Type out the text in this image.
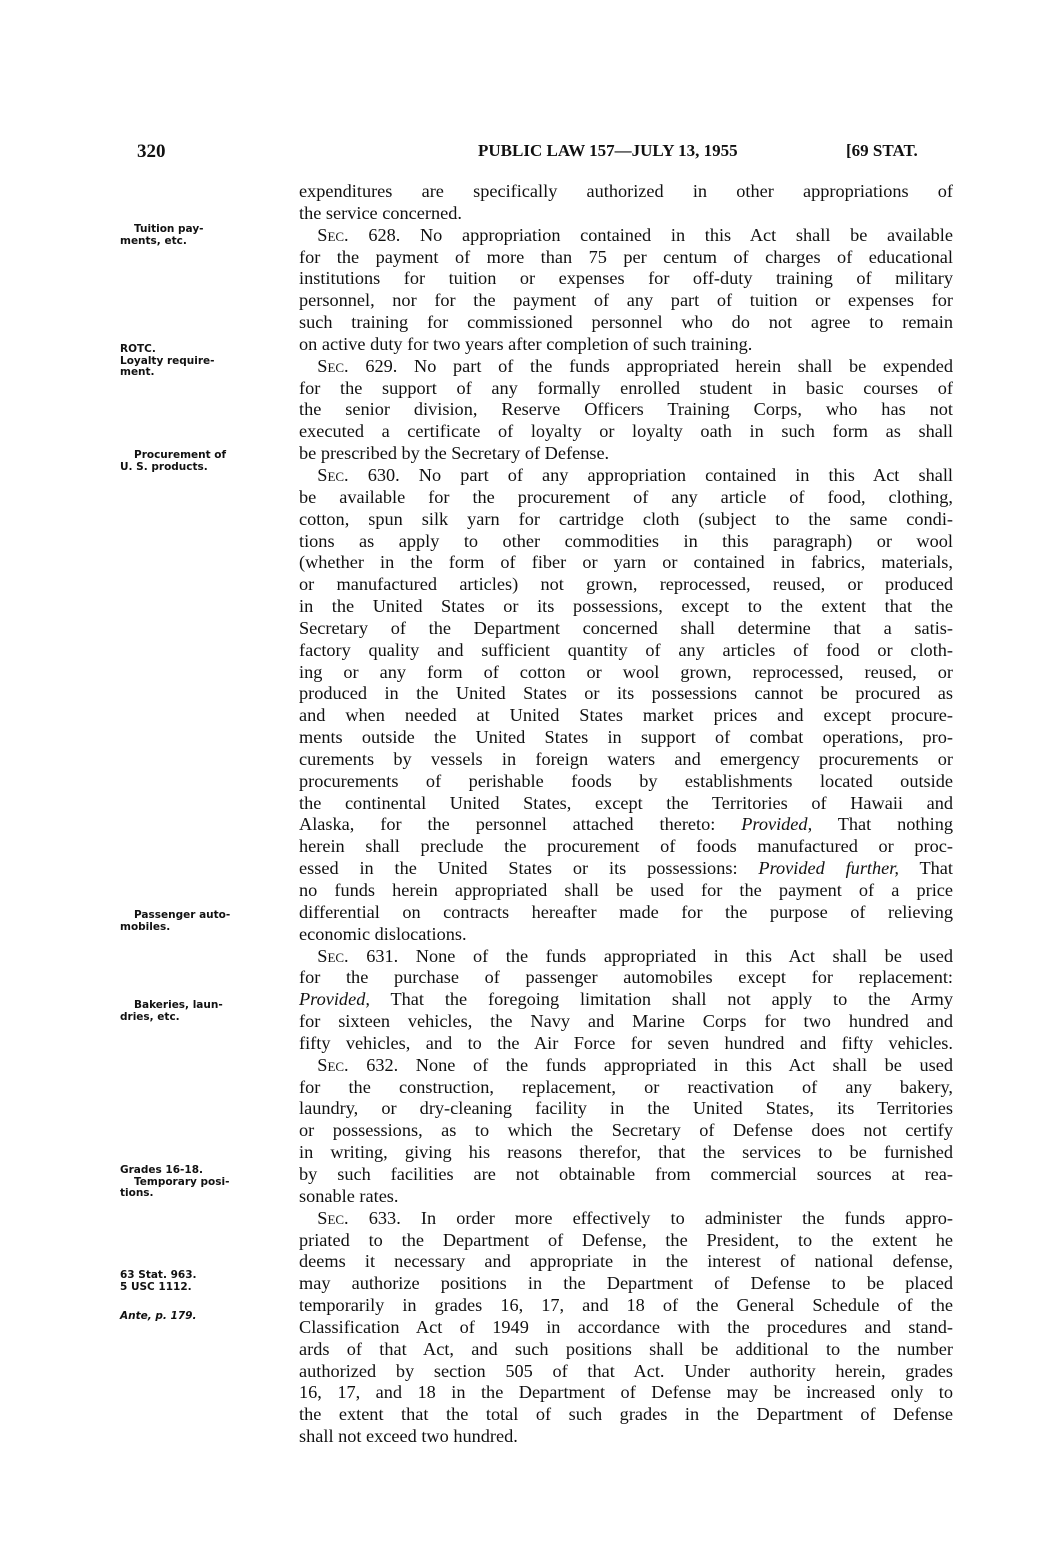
320	PUBLIC LAW 157—JULY 13, 1955	[69 STAT.
Tuition pay-
ments, etc.
ROTC.
Loyalty require-
ment.
Procurement of
U. S. products.
Passenger auto-
mobiles.
Bakeries, laun-
dries, etc.
Grades 16-18.
Temporary posi-
tions.
63 Stat. 963.
5 USC 1112.
Ante, p. 179.
expenditures are specifically authorized in other appropriations of
the service concerned.
 Sec. 628. No appropriation contained in this Act shall be available
for the payment of more than 75 per centum of charges of educational
institutions for tuition or expenses for off-duty training of military
personnel, nor for the payment of any part of tuition or expenses for
such training for commissioned personnel who do not agree to remain
on active duty for two years after completion of such training.
 Sec. 629. No part of the funds appropriated herein shall be expended
for the support of any formally enrolled student in basic courses of
the senior division, Reserve Officers Training Corps, who has not
executed a certificate of loyalty or loyalty oath in such form as shall
be prescribed by the Secretary of Defense.
 Sec. 630. No part of any appropriation contained in this Act shall
be available for the procurement of any article of food, clothing,
cotton, spun silk yarn for cartridge cloth (subject to the same condi-
tions as apply to other commodities in this paragraph) or wool
(whether in the form of fiber or yarn or contained in fabrics, materials,
or manufactured articles) not grown, reprocessed, reused, or produced
in the United States or its possessions, except to the extent that the
Secretary of the Department concerned shall determine that a satis-
factory quality and sufficient quantity of any articles of food or cloth-
ing or any form of cotton or wool grown, reprocessed, reused, or
produced in the United States or its possessions cannot be procured as
and when needed at United States market prices and except procure-
ments outside the United States in support of combat operations, pro-
curements by vessels in foreign waters and emergency procurements or
procurements of perishable foods by establishments located outside
the continental United States, except the Territories of Hawaii and
Alaska, for the personnel attached thereto: Provided, That nothing
herein shall preclude the procurement of foods manufactured or proc-
essed in the United States or its possessions: Provided further, That
no funds herein appropriated shall be used for the payment of a price
differential on contracts hereafter made for the purpose of relieving
economic dislocations.
 Sec. 631. None of the funds appropriated in this Act shall be used
for the purchase of passenger automobiles except for replacement:
Provided, That the foregoing limitation shall not apply to the Army
for sixteen vehicles, the Navy and Marine Corps for two hundred and
fifty vehicles, and to the Air Force for seven hundred and fifty vehicles.
 Sec. 632. None of the funds appropriated in this Act shall be used
for the construction, replacement, or reactivation of any bakery,
laundry, or dry-cleaning facility in the United States, its Territories
or possessions, as to which the Secretary of Defense does not certify
in writing, giving his reasons therefor, that the services to be furnished
by such facilities are not obtainable from commercial sources at rea-
sonable rates.
 Sec. 633. In order more effectively to administer the funds appro-
priated to the Department of Defense, the President, to the extent he
deems it necessary and appropriate in the interest of national defense,
may authorize positions in the Department of Defense to be placed
temporarily in grades 16, 17, and 18 of the General Schedule of the
Classification Act of 1949 in accordance with the procedures and stand-
ards of that Act, and such positions shall be additional to the number
authorized by section 505 of that Act. Under authority herein, grades
16, 17, and 18 in the Department of Defense may be increased only to
the extent that the total of such grades in the Department of Defense
shall not exceed two hundred.
